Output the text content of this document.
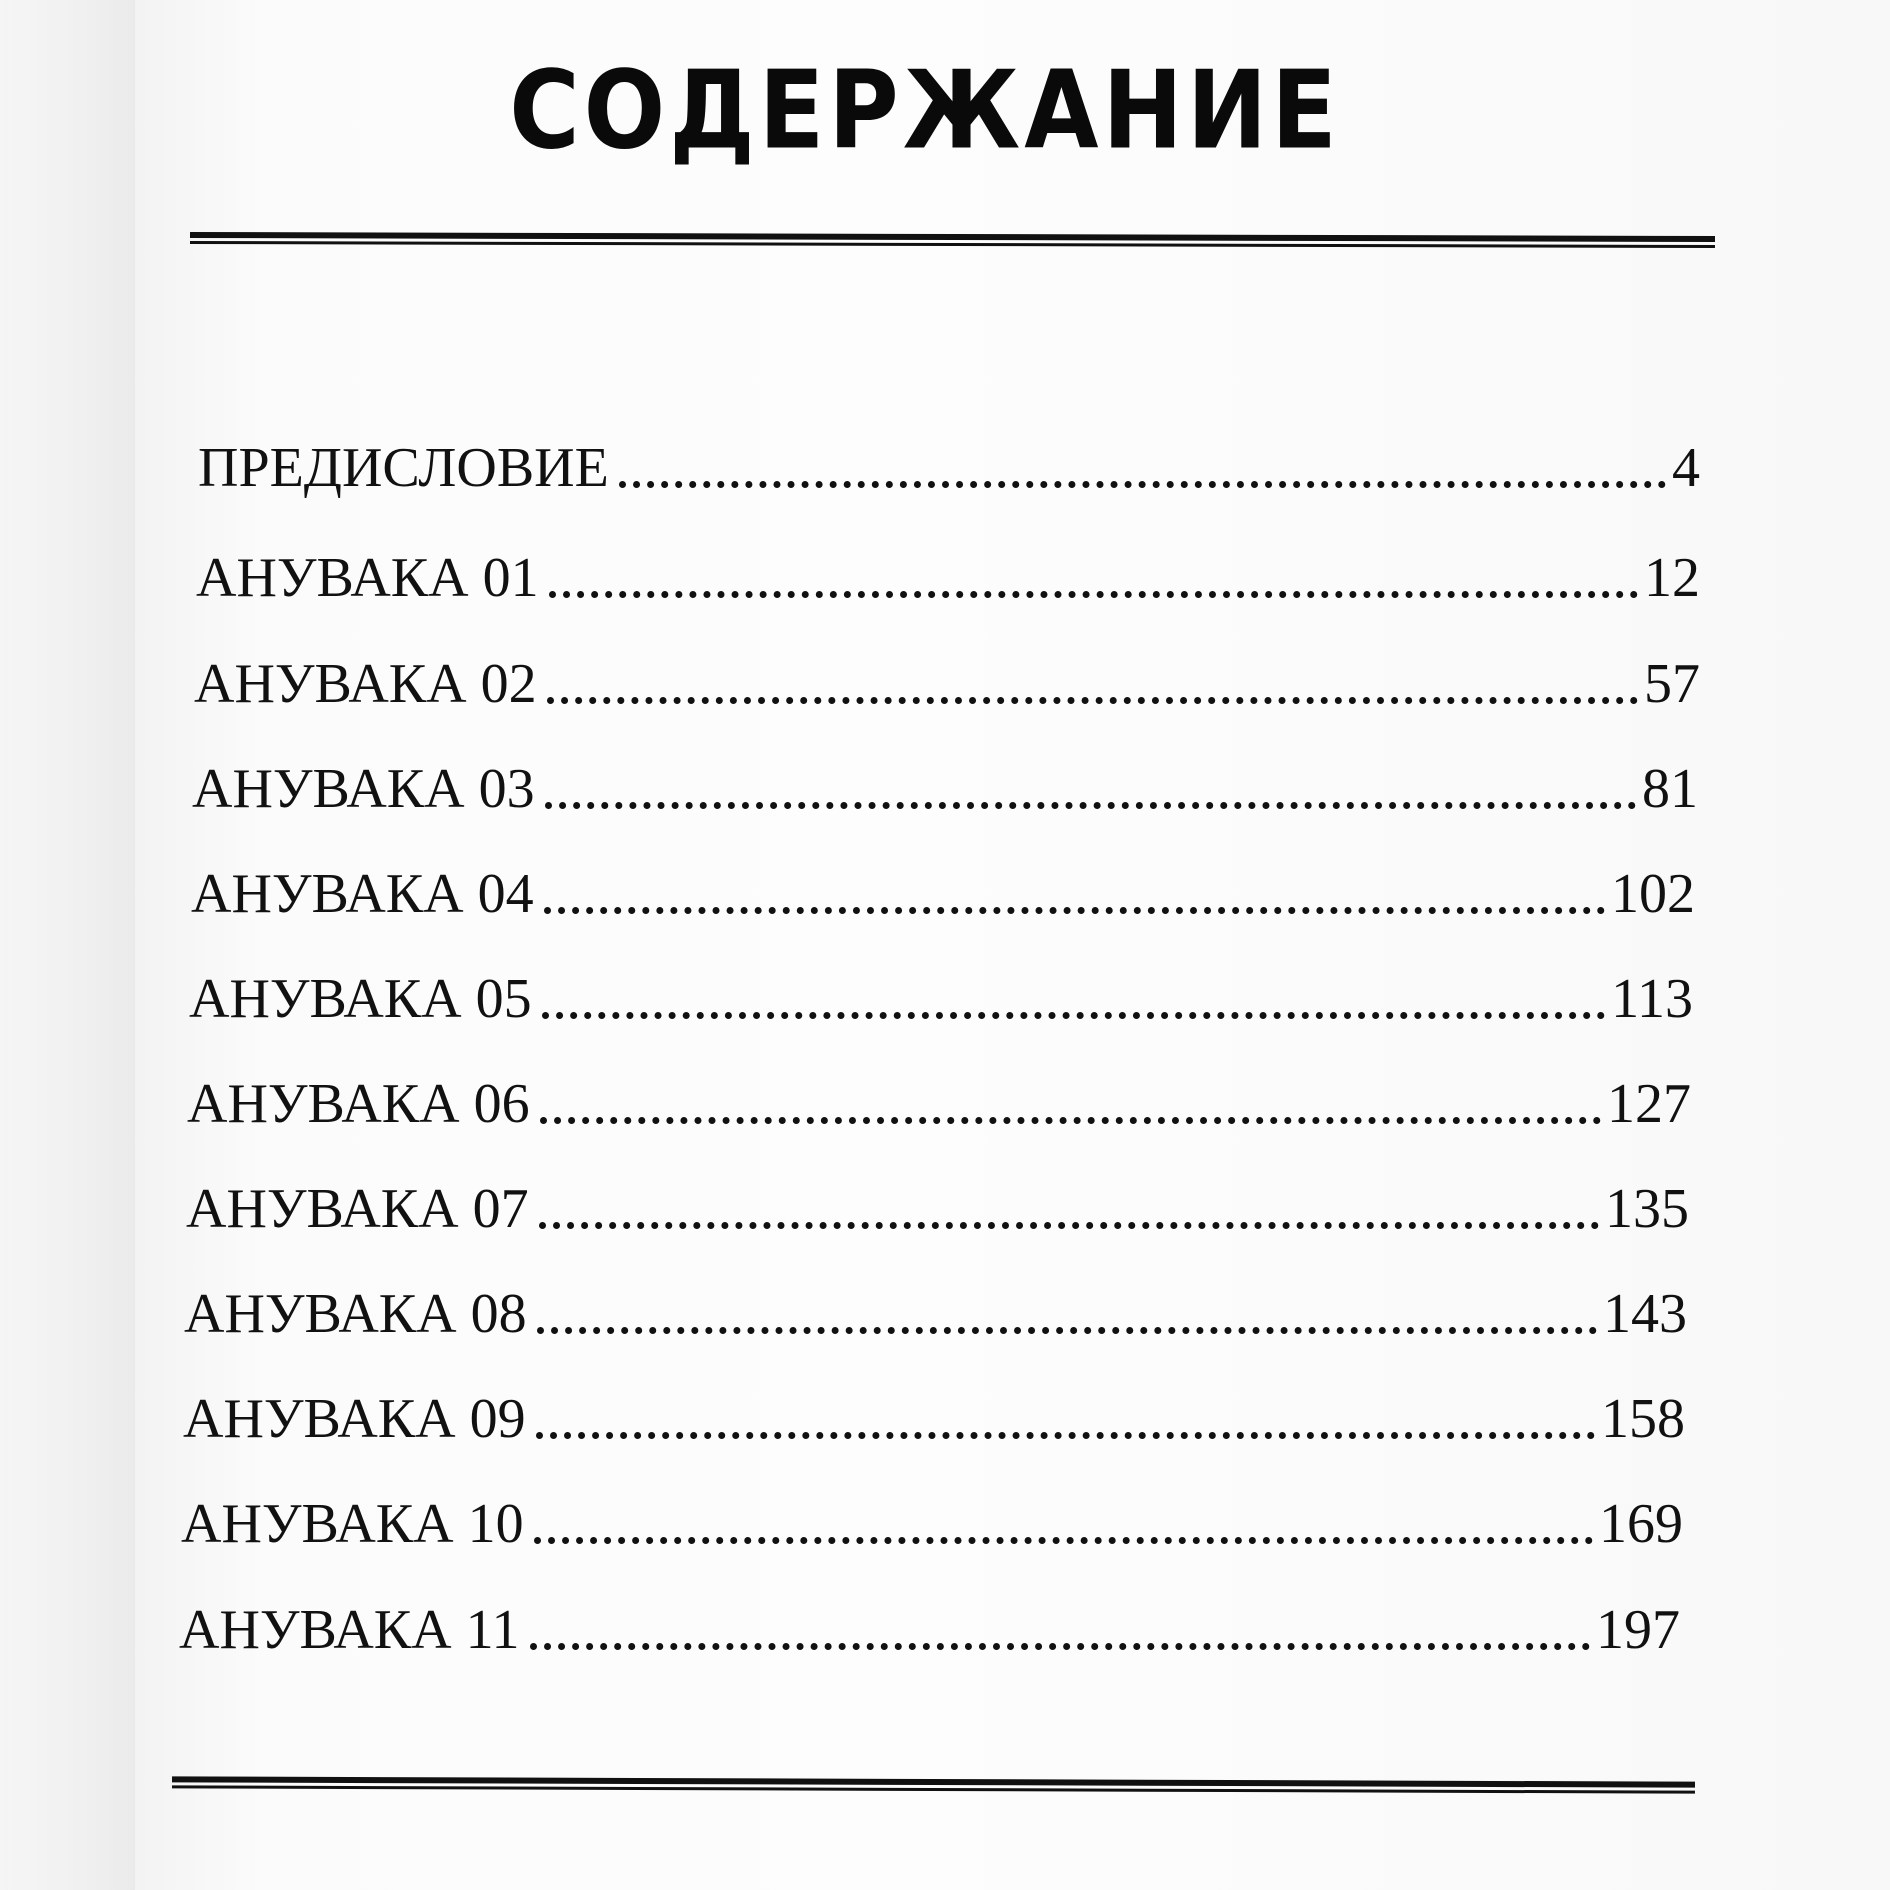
СОДЕРЖАНИЕ
ПРЕДИСЛОВИЕ	4
АНУВАКА 01	12
АНУВАКА 02	57
АНУВАКА 03	81
АНУВАКА 04	102
АНУВАКА 05	113
АНУВАКА 06	127
АНУВАКА 07	135
АНУВАКА 08	143
АНУВАКА 09	158
АНУВАКА 10	169
АНУВАКА 11	197
